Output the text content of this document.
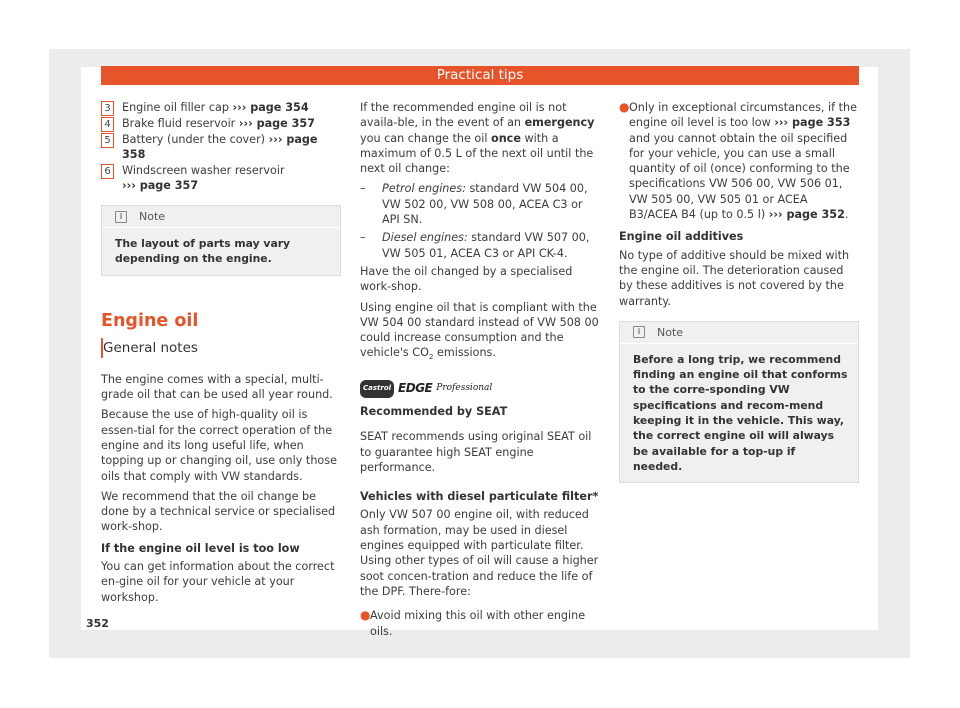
Practical tips
3 Engine oil filler cap ››› page 354
4 Brake fluid reservoir ››› page 357
5 Battery (under the cover) ››› page 358
6 Windscreen washer reservoir
››› page 357
i	Note
The layout of parts may vary depending on the engine.
Engine oil
General notes

The engine comes with a special, multi-grade oil that can be used all year round.

Because the use of high-quality oil is essen-tial for the correct operation of the engine and its long useful life, when topping up or changing oil, use only those oils that comply with VW standards.

We recommend that the oil change be done by a technical service or specialised work-shop.

If the engine oil level is too low

You can get information about the correct en-gine oil for your vehicle at your workshop.

If the recommended engine oil is not availa-ble, in the event of an emergency you can change the oil once with a maximum of 0.5 L of the next oil until the next oil change:

–	Petrol engines: standard VW 504 00, VW 502 00, VW 508 00, ACEA C3 or API SN.
–	Diesel engines: standard VW 507 00, VW 505 01, ACEA C3 or API CK-4.

Have the oil changed by a specialised work-shop.

Using engine oil that is compliant with the VW 504 00 standard instead of VW 508 00 could increase consumption and the vehicle's $CO_2$ emissions.

Castrol EDGE Professional

Recommended by SEAT

SEAT recommends using original SEAT oil to guarantee high SEAT engine performance.

Vehicles with diesel particulate filter*

Only VW 507 00 engine oil, with reduced ash formation, may be used in diesel engines equipped with particulate filter. Using other types of oil will cause a higher soot concen-tration and reduce the life of the DPF. There-fore:

● Avoid mixing this oil with other engine oils.
● Only in exceptional circumstances, if the engine oil level is too low ››› page 353 and you cannot obtain the oil specified for your vehicle, you can use a small quantity of oil (once) conforming to the specifications VW 506 00, VW 506 01, VW 505 00, VW 505 01 or ACEA B3/ACEA B4 (up to 0.5 l) ››› page 352.

Engine oil additives

No type of additive should be mixed with the engine oil. The deterioration caused by these additives is not covered by the warranty.

i	Note
Before a long trip, we recommend finding an engine oil that conforms to the corre-sponding VW specifications and recom-mend keeping it in the vehicle. This way, the correct engine oil will always be available for a top-up if needed.
352
